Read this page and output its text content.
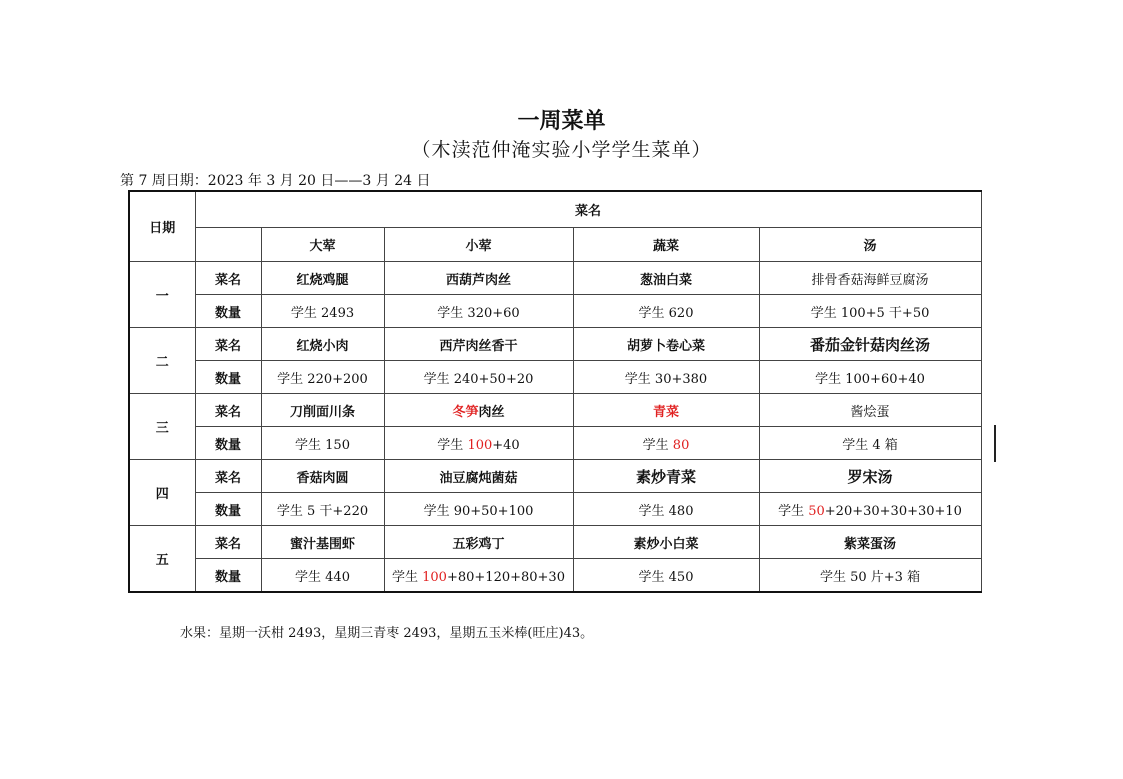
一周菜单
（木渎范仲淹实验小学学生菜单）
第 7 周日期：2023 年 3 月 20 日——3 月 24 日
日期	菜名				
		大荤	小荤	蔬菜	汤
一	菜名	红烧鸡腿	西葫芦肉丝	葱油白菜	排骨香菇海鲜豆腐汤
	数量	学生 2493	学生 320+60	学生 620	学生 100+5 干+50
二	菜名	红烧小肉	西芹肉丝香干	胡萝卜卷心菜	番茄金针菇肉丝汤
	数量	学生 220+200	学生 240+50+20	学生 30+380	学生 100+60+40
三	菜名	刀削面川条	冬笋肉丝	青菜	酱烩蛋
	数量	学生 150	学生 100+40	学生 80	学生 4 箱
四	菜名	香菇肉圆	油豆腐炖菌菇	素炒青菜	罗宋汤
	数量	学生 5 干+220	学生 90+50+100	学生 480	学生 50+20+30+30+30+10
五	菜名	蜜汁基围虾	五彩鸡丁	素炒小白菜	紫菜蛋汤
	数量	学生 440	学生 100+80+120+80+30	学生 450	学生 50 片+3 箱
水果：星期一沃柑 2493，星期三青枣 2493，星期五玉米棒(旺庄)43。
